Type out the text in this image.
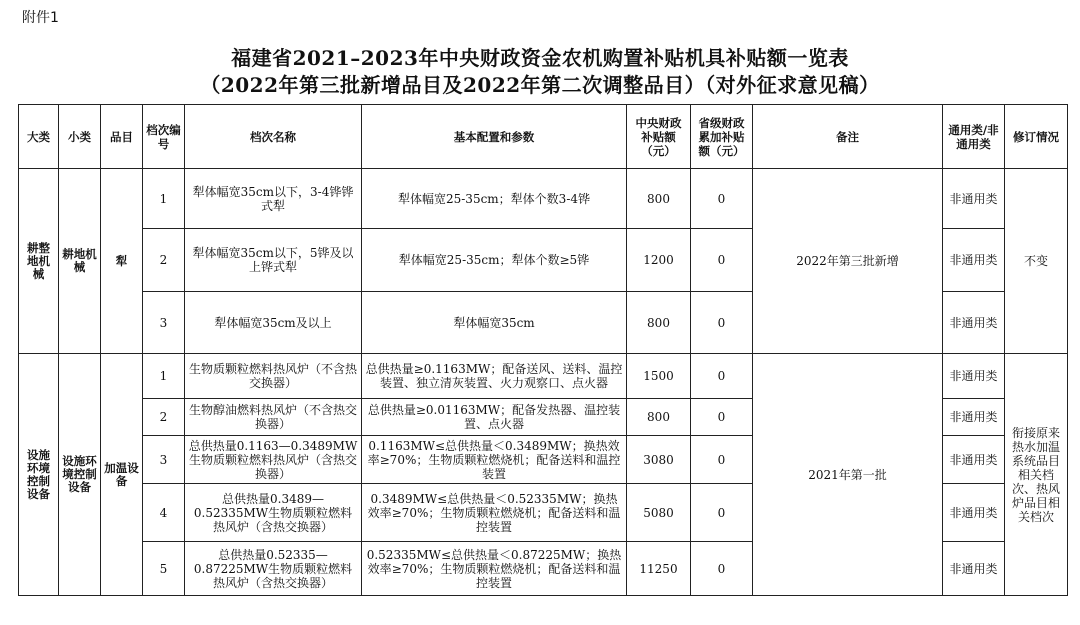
附件1
福建省2021–2023年中央财政资金农机购置补贴机具补贴额一览表
（2022年第三批新增品目及2022年第二次调整品目）（对外征求意见稿）
大类	小类	品目	档次编号	档次名称	基本配置和参数	中央财政补贴额（元）	省级财政累加补贴额（元）	备注	通用类/非通用类	修订情况
耕整地机械	耕地机械	犁	1	犁体幅宽35cm以下，3-4铧铧式犁	犁体幅宽25-35cm；犁体个数3-4铧	800	0	2022年第三批新增	非通用类	不变
			2	犁体幅宽35cm以下，5铧及以上铧式犁	犁体幅宽25-35cm；犁体个数≥5铧	1200	0		非通用类	
			3	犁体幅宽35cm及以上	犁体幅宽35cm	800	0		非通用类	
设施环境控制设备	设施环境控制设备	加温设备	1	生物质颗粒燃料热风炉（不含热交换器）	总供热量≥0.1163MW；配备送风、送料、温控装置、独立清灰装置、火力观察口、点火器	1500	0	2021年第一批	非通用类	衔接原来热水加温系统品目相关档次、热风炉品目相关档次
			2	生物醇油燃料热风炉（不含热交换器）	总供热量≥0.01163MW；配备发热器、温控装置、点火器	800	0		非通用类	
			3	总供热量0.1163—0.3489MW生物质颗粒燃料热风炉（含热交换器）	0.1163MW≤总供热量＜0.3489MW；换热效率≥70%；生物质颗粒燃烧机；配备送料和温控装置	3080	0		非通用类	
			4	总供热量0.3489—0.52335MW生物质颗粒燃料热风炉（含热交换器）	0.3489MW≤总供热量＜0.52335MW；换热效率≥70%；生物质颗粒燃烧机；配备送料和温控装置	5080	0		非通用类	
			5	总供热量0.52335—0.87225MW生物质颗粒燃料热风炉（含热交换器）	0.52335MW≤总供热量＜0.87225MW；换热效率≥70%；生物质颗粒燃烧机；配备送料和温控装置	11250	0		非通用类	
